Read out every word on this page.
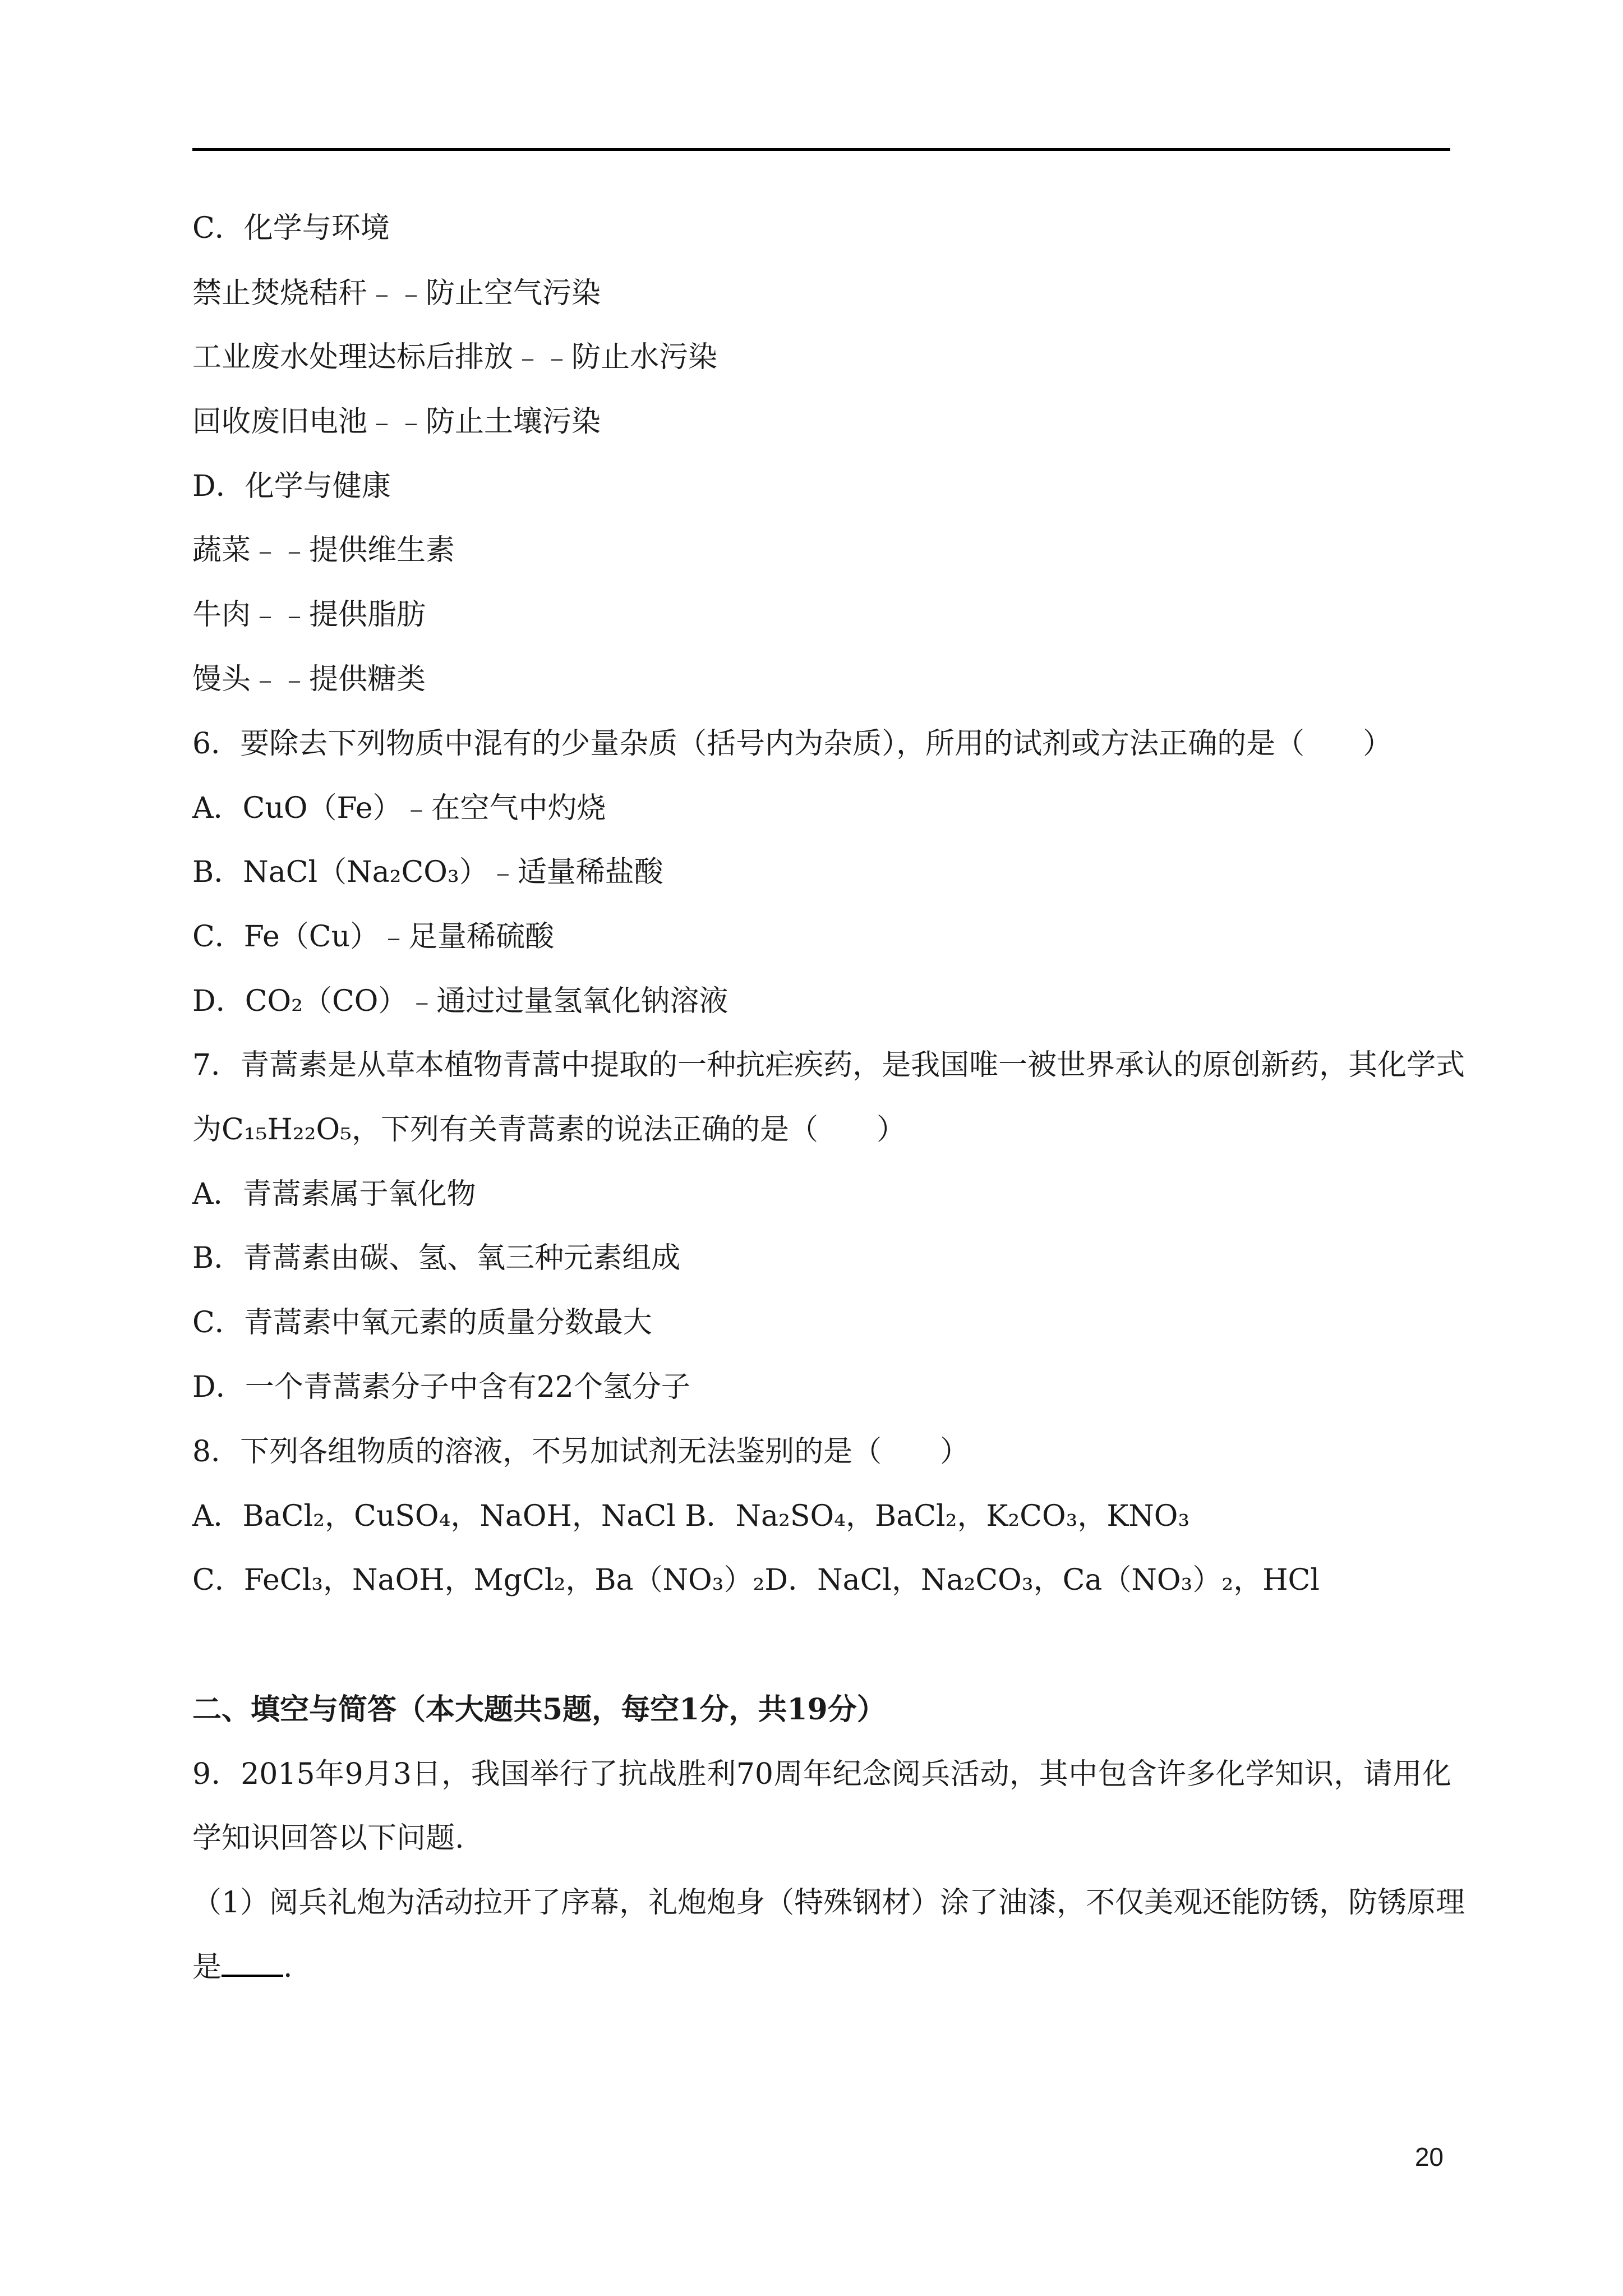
C．化学与环境
禁止焚烧秸秆﹣﹣防止空气污染
工业废水处理达标后排放﹣﹣防止水污染
回收废旧电池﹣﹣防止土壤污染
D．化学与健康
蔬菜﹣﹣提供维生素
牛肉﹣﹣提供脂肪
馒头﹣﹣提供糖类
6．要除去下列物质中混有的少量杂质（括号内为杂质），所用的试剂或方法正确的是（　　）
A．CuO（Fe）﹣在空气中灼烧
B．NaCl（Na₂CO₃）﹣适量稀盐酸
C．Fe（Cu）﹣足量稀硫酸
D．CO₂（CO）﹣通过过量氢氧化钠溶液
7．青蒿素是从草本植物青蒿中提取的一种抗疟疾药，是我国唯一被世界承认的原创新药，其化学式
为C₁₅H₂₂O₅，下列有关青蒿素的说法正确的是（　　）
A．青蒿素属于氧化物
B．青蒿素由碳、氢、氧三种元素组成
C．青蒿素中氧元素的质量分数最大
D．一个青蒿素分子中含有22个氢分子
8．下列各组物质的溶液，不另加试剂无法鉴别的是（　　）
A．BaCl₂，CuSO₄，NaOH，NaCl B．Na₂SO₄，BaCl₂，K₂CO₃，KNO₃
C．FeCl₃，NaOH，MgCl₂，Ba（NO₃）₂D．NaCl，Na₂CO₃，Ca（NO₃）₂，HCl
二、填空与简答（本大题共5题，每空1分，共19分）
9．2015年9月3日，我国举行了抗战胜利70周年纪念阅兵活动，其中包含许多化学知识，请用化
学知识回答以下问题.
（1）阅兵礼炮为活动拉开了序幕，礼炮炮身（特殊钢材）涂了油漆，不仅美观还能防锈，防锈原理
是 .
20
